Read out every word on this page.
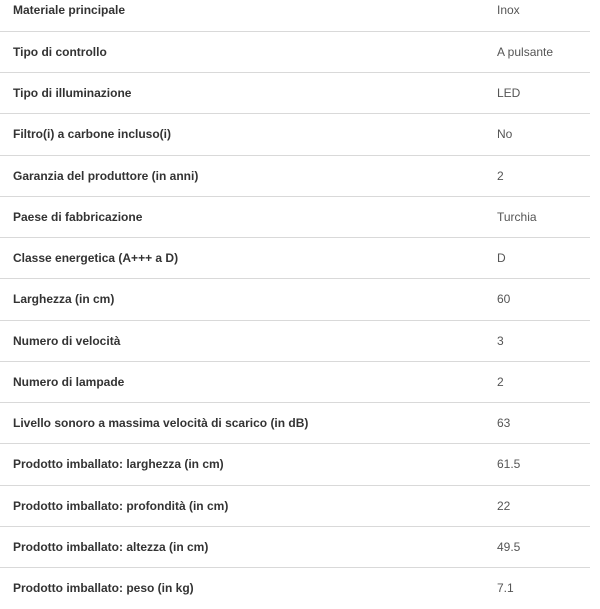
Materiale principale	Inox
Tipo di controllo	A pulsante
Tipo di illuminazione	LED
Filtro(i) a carbone incluso(i)	No
Garanzia del produttore (in anni)	2
Paese di fabbricazione	Turchia
Classe energetica (A+++ a D)	D
Larghezza (in cm)	60
Numero di velocità	3
Numero di lampade	2
Livello sonoro a massima velocità di scarico (in dB)	63
Prodotto imballato: larghezza (in cm)	61.5
Prodotto imballato: profondità (in cm)	22
Prodotto imballato: altezza (in cm)	49.5
Prodotto imballato: peso (in kg)	7.1
